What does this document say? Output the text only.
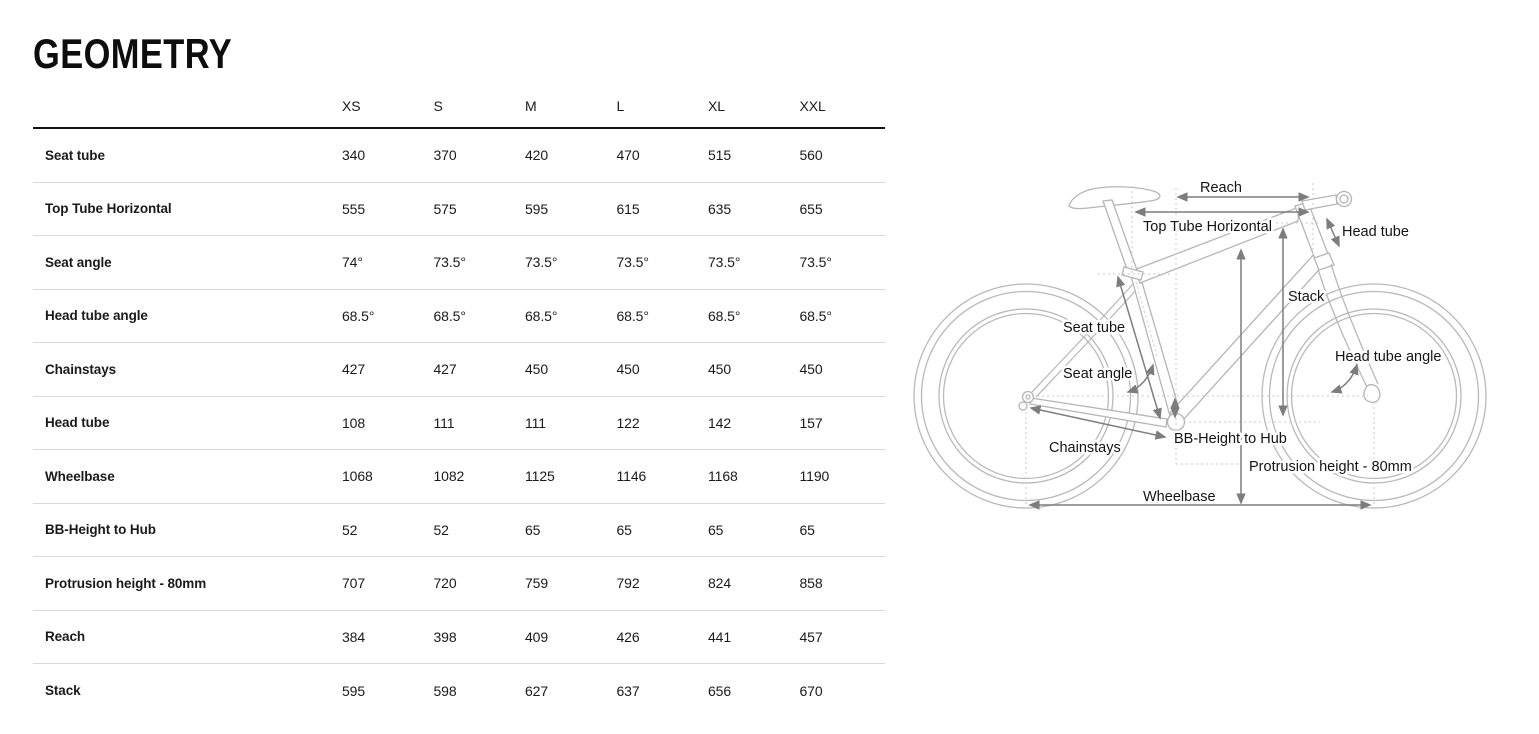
GEOMETRY
XS	S	M	L	XL	XXL
Seat tube	340	370	420	470	515	560
Top Tube Horizontal	555	575	595	615	635	655
Seat angle	74°	73.5°	73.5°	73.5°	73.5°	73.5°
Head tube angle	68.5°	68.5°	68.5°	68.5°	68.5°	68.5°
Chainstays	427	427	450	450	450	450
Head tube	108	111	111	122	142	157
Wheelbase	1068	1082	1125	1146	1168	1190
BB-Height to Hub	52	52	65	65	65	65
Protrusion height - 80mm	707	720	759	792	824	858
Reach	384	398	409	426	441	457
Stack	595	598	627	637	656	670
Reach
Top Tube Horizontal	Head tube
Stack
Seat tube
Head tube angle
Seat angle
BB-Height to Hub
Chainstays
Protrusion height - 80mm
Wheelbase
